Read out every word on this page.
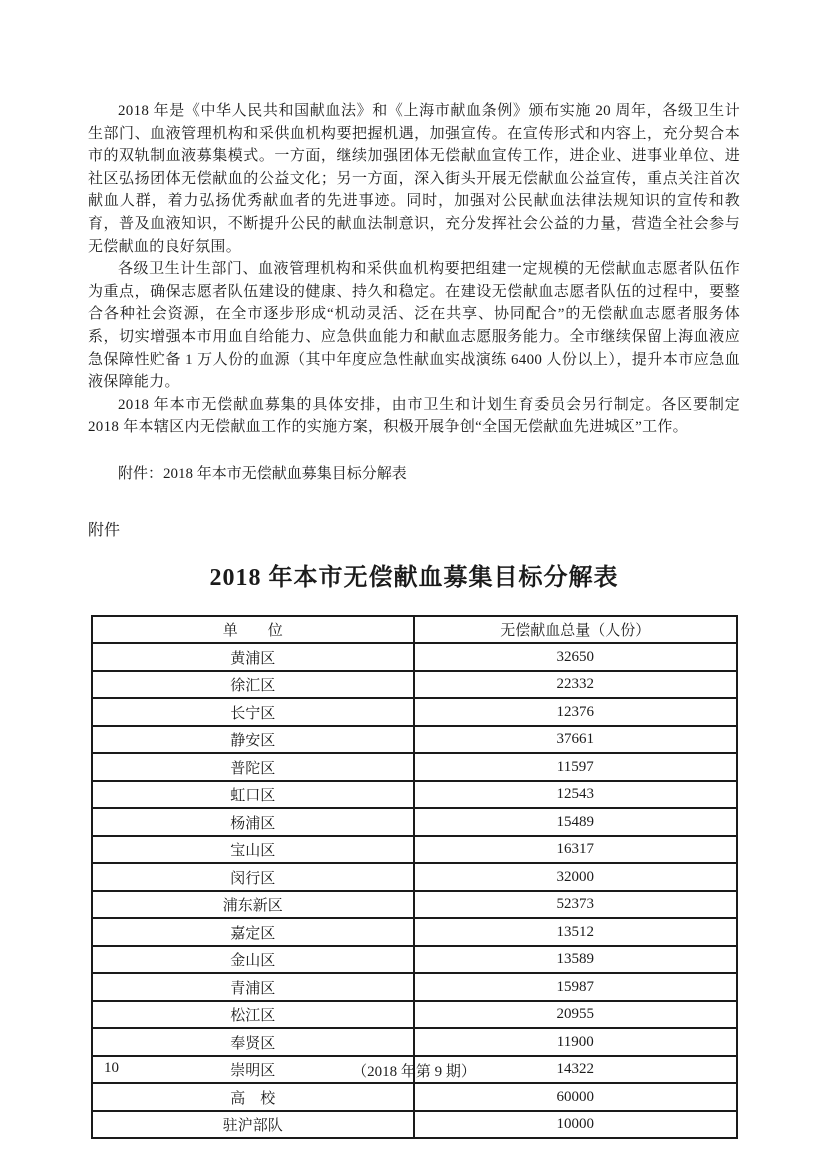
2018 年是《中华人民共和国献血法》和《上海市献血条例》颁布实施 20 周年，各级卫生计生部门、血液管理机构和采供血机构要把握机遇，加强宣传。在宣传形式和内容上，充分契合本市的双轨制血液募集模式。一方面，继续加强团体无偿献血宣传工作，进企业、进事业单位、进社区弘扬团体无偿献血的公益文化；另一方面，深入街头开展无偿献血公益宣传，重点关注首次献血人群，着力弘扬优秀献血者的先进事迹。同时，加强对公民献血法律法规知识的宣传和教育，普及血液知识，不断提升公民的献血法制意识，充分发挥社会公益的力量，营造全社会参与无偿献血的良好氛围。

各级卫生计生部门、血液管理机构和采供血机构要把组建一定规模的无偿献血志愿者队伍作为重点，确保志愿者队伍建设的健康、持久和稳定。在建设无偿献血志愿者队伍的过程中，要整合各种社会资源，在全市逐步形成“机动灵活、泛在共享、协同配合”的无偿献血志愿者服务体系，切实增强本市用血自给能力、应急供血能力和献血志愿服务能力。全市继续保留上海血液应急保障性贮备 1 万人份的血源（其中年度应急性献血实战演练 6400 人份以上），提升本市应急血液保障能力。

2018 年本市无偿献血募集的具体安排，由市卫生和计划生育委员会另行制定。各区要制定 2018 年本辖区内无偿献血工作的实施方案，积极开展争创“全国无偿献血先进城区”工作。

附件：2018 年本市无偿献血募集目标分解表

附件
2018 年本市无偿献血募集目标分解表
单　　位	无偿献血总量（人份）
黄浦区	32650
徐汇区	22332
长宁区	12376
静安区	37661
普陀区	11597
虹口区	12543
杨浦区	15489
宝山区	16317
闵行区	32000
浦东新区	52373
嘉定区	13512
金山区	13589
青浦区	15987
松江区	20955
奉贤区	11900
崇明区	14322
高　校	60000
驻沪部队	10000
10	（2018 年第 9 期）
